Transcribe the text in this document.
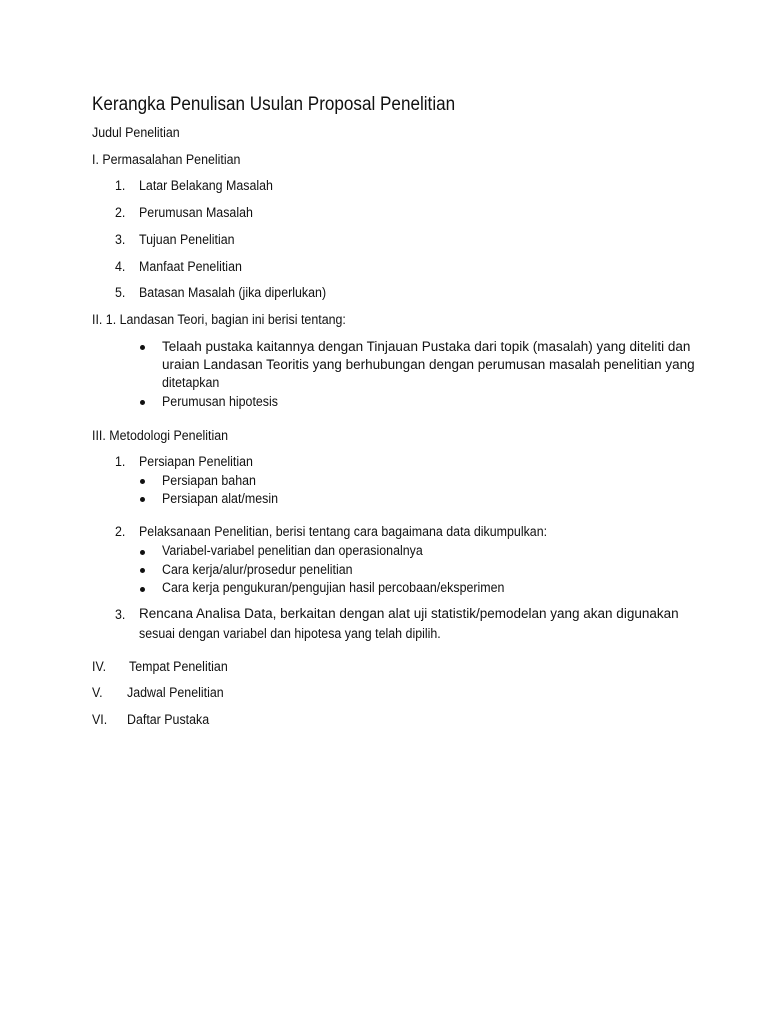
Kerangka Penulisan Usulan Proposal Penelitian
Judul Penelitian
I. Permasalahan Penelitian
1. Latar Belakang Masalah
2. Perumusan Masalah
3. Tujuan Penelitian
4. Manfaat Penelitian
5. Batasan Masalah (jika diperlukan)
II. 1. Landasan Teori, bagian ini berisi tentang:
Telaah pustaka kaitannya dengan Tinjauan Pustaka dari topik (masalah) yang diteliti dan
uraian Landasan Teoritis yang berhubungan dengan perumusan masalah penelitian yang
ditetapkan
Perumusan hipotesis
III. Metodologi Penelitian
1. Persiapan Penelitian
Persiapan bahan
Persiapan alat/mesin
2. Pelaksanaan Penelitian, berisi tentang cara bagaimana data dikumpulkan:
Variabel-variabel penelitian dan operasionalnya
Cara kerja/alur/prosedur penelitian
Cara kerja pengukuran/pengujian hasil percobaan/eksperimen
3. Rencana Analisa Data, berkaitan dengan alat uji statistik/pemodelan yang akan digunakan
sesuai dengan variabel dan hipotesa yang telah dipilih.
IV. Tempat Penelitian
V. Jadwal Penelitian
VI. Daftar Pustaka
